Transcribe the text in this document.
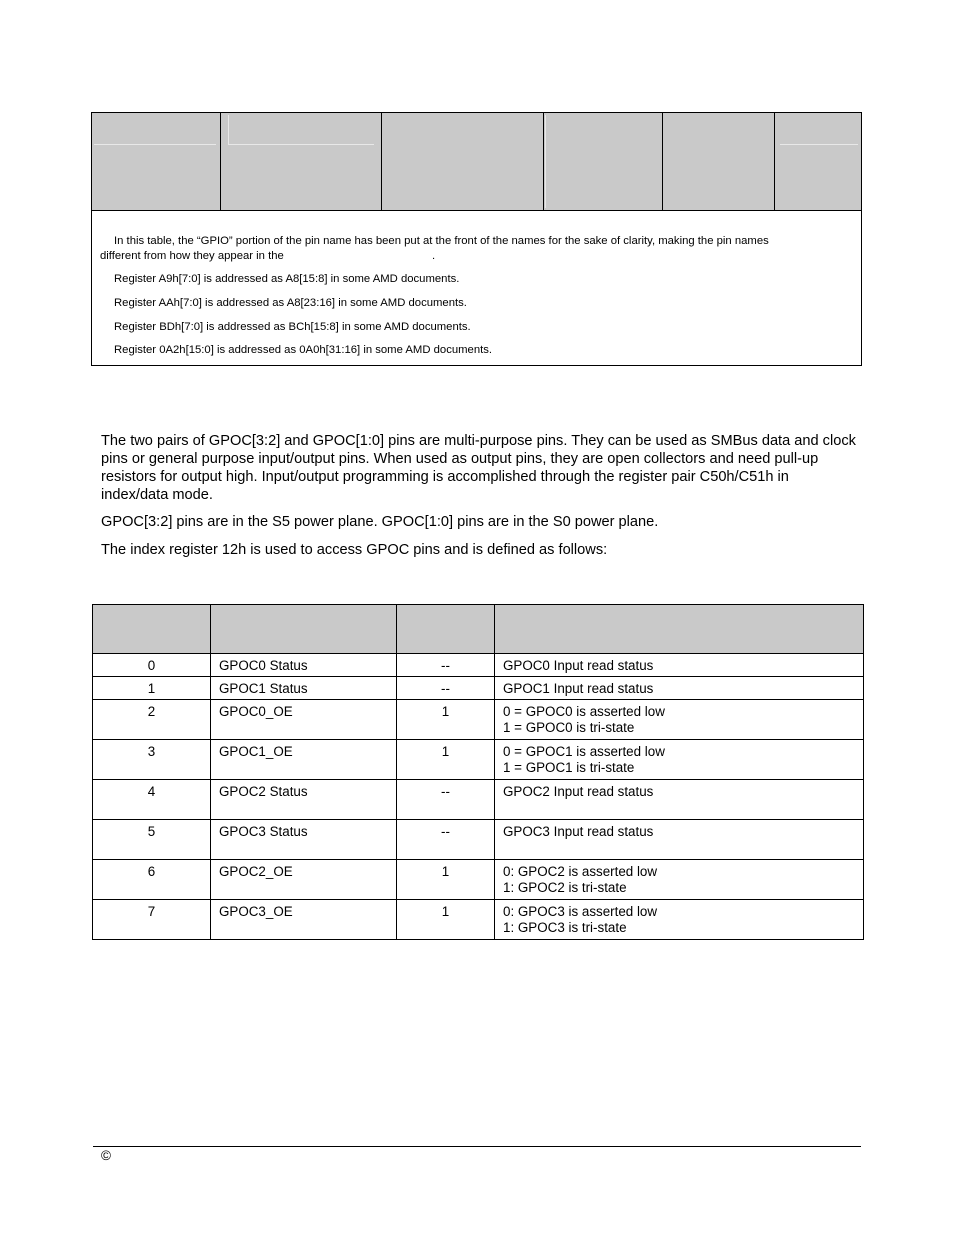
In this table, the “GPIO” portion of the pin name has been put at the front of the names for the sake of clarity, making the pin names
different from how they appear in the	.
Register A9h[7:0] is addressed as A8[15:8] in some AMD documents.
Register AAh[7:0] is addressed as A8[23:16] in some AMD documents.
Register BDh[7:0] is addressed as BCh[15:8] in some AMD documents.
Register 0A2h[15:0] is addressed as 0A0h[31:16] in some AMD documents.

The two pairs of GPOC[3:2] and GPOC[1:0] pins are multi-purpose pins. They can be used as SMBus data and clock pins or general purpose input/output pins. When used as output pins, they are open collectors and need pull-up resistors for output high. Input/output programming is accomplished through the register pair C50h/C51h in index/data mode.

GPOC[3:2] pins are in the S5 power plane. GPOC[1:0] pins are in the S0 power plane.

The index register 12h is used to access GPOC pins and is defined as follows:

0	GPOC0 Status	--	GPOC0 Input read status

1	GPOC1 Status	--	GPOC1 Input read status

2	GPOC0_OE	1	0 = GPOC0 is asserted low
1 = GPOC0 is tri-state

3	GPOC1_OE	1	0 = GPOC1 is asserted low
1 = GPOC1 is tri-state

4	GPOC2 Status	--	GPOC2 Input read status

5	GPOC3 Status	--	GPOC3 Input read status

6	GPOC2_OE	1	0: GPOC2 is asserted low
1: GPOC2 is tri-state

7	GPOC3_OE	1	0: GPOC3 is asserted low
1: GPOC3 is tri-state
©
